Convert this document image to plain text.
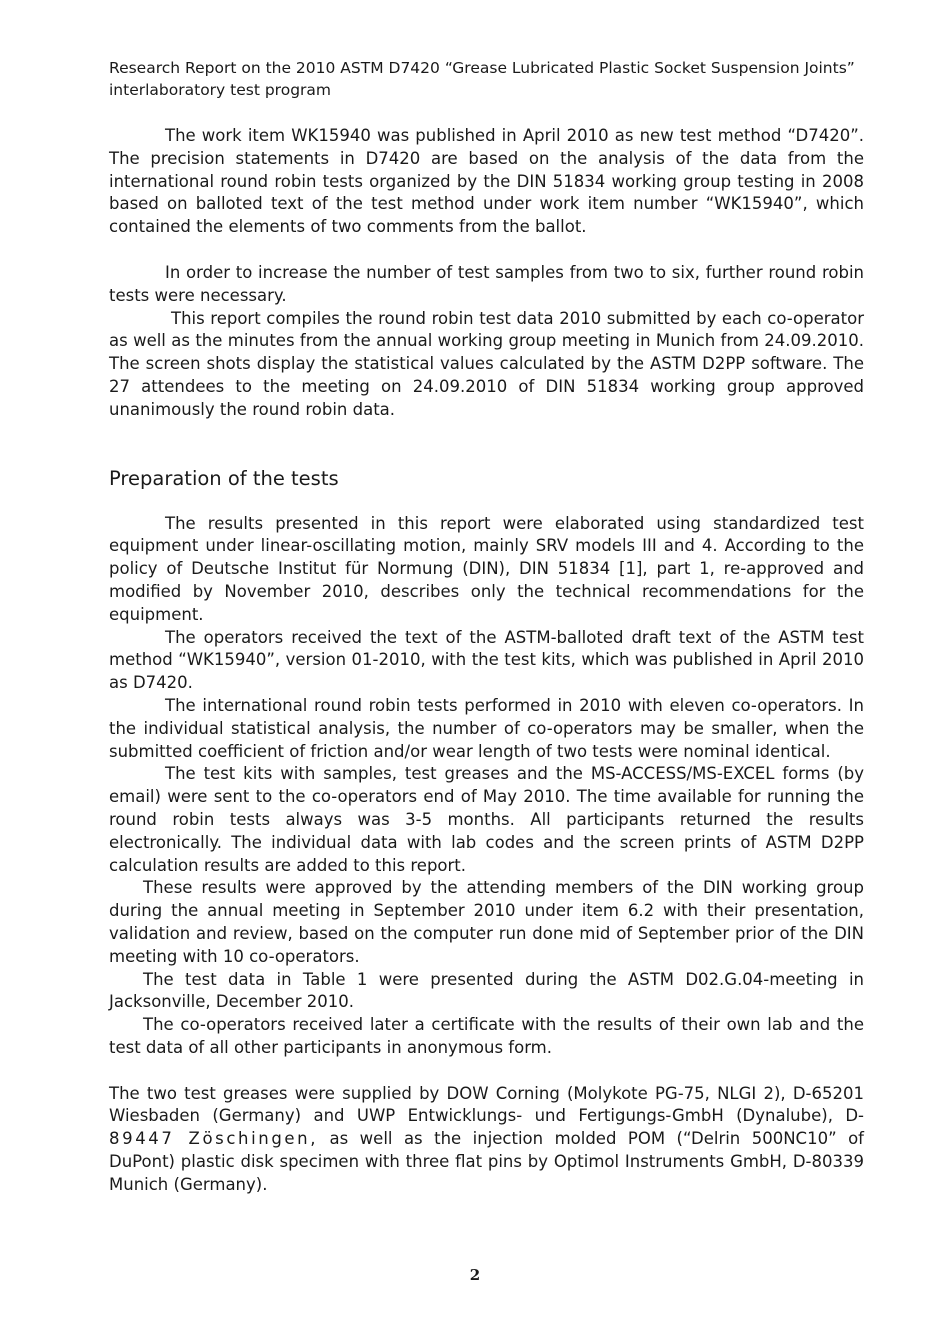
Research Report on the 2010 ASTM D7420 “Grease Lubricated Plastic Socket Suspension Joints”
interlaboratory test program

The work item WK15940 was published in April 2010 as new test method “D7420”. The precision statements in D7420 are based on the analysis of the data from the international round robin tests organized by the DIN 51834 working group testing in 2008 based on balloted text of the test method under work item number “WK15940”, which contained the elements of two comments from the ballot.

In order to increase the number of test samples from two to six, further round robin tests were necessary.

This report compiles the round robin test data 2010 submitted by each co-operator as well as the minutes from the annual working group meeting in Munich from 24.09.2010. The screen shots display the statistical values calculated by the ASTM D2PP software. The 27 attendees to the meeting on 24.09.2010 of DIN 51834 working group approved unanimously the round robin data.

Preparation of the tests

The results presented in this report were elaborated using standardized test equipment under linear-oscillating motion, mainly SRV models III and 4. According to the policy of Deutsche Institut für Normung (DIN), DIN 51834 [1], part 1, re-approved and modified by November 2010, describes only the technical recommendations for the equipment.

The operators received the text of the ASTM-balloted draft text of the ASTM test method “WK15940”, version 01-2010, with the test kits, which was published in April 2010 as D7420.

The international round robin tests performed in 2010 with eleven co-operators. In the individual statistical analysis, the number of co-operators may be smaller, when the submitted coefficient of friction and/or wear length of two tests were nominal identical.

The test kits with samples, test greases and the MS-ACCESS/MS-EXCEL forms (by email) were sent to the co-operators end of May 2010. The time available for running the round robin tests always was 3-5 months. All participants returned the results electronically. The individual data with lab codes and the screen prints of ASTM D2PP calculation results are added to this report.

These results were approved by the attending members of the DIN working group during the annual meeting in September 2010 under item 6.2 with their presentation, validation and review, based on the computer run done mid of September prior of the DIN meeting with 10 co-operators.

The test data in Table 1 were presented during the ASTM D02.G.04-meeting in Jacksonville, December 2010.

The co-operators received later a certificate with the results of their own lab and the test data of all other participants in anonymous form.

The two test greases were supplied by DOW Corning (Molykote PG-75, NLGI 2), D-65201 Wiesbaden (Germany) and UWP Entwicklungs- und Fertigungs-GmbH (Dynalube), D- 89447 Zöschingen, as well as the injection molded POM (“Delrin 500NC10” of DuPont) plastic disk specimen with three flat pins by Optimol Instruments GmbH, D-80339 Munich (Germany).

2
